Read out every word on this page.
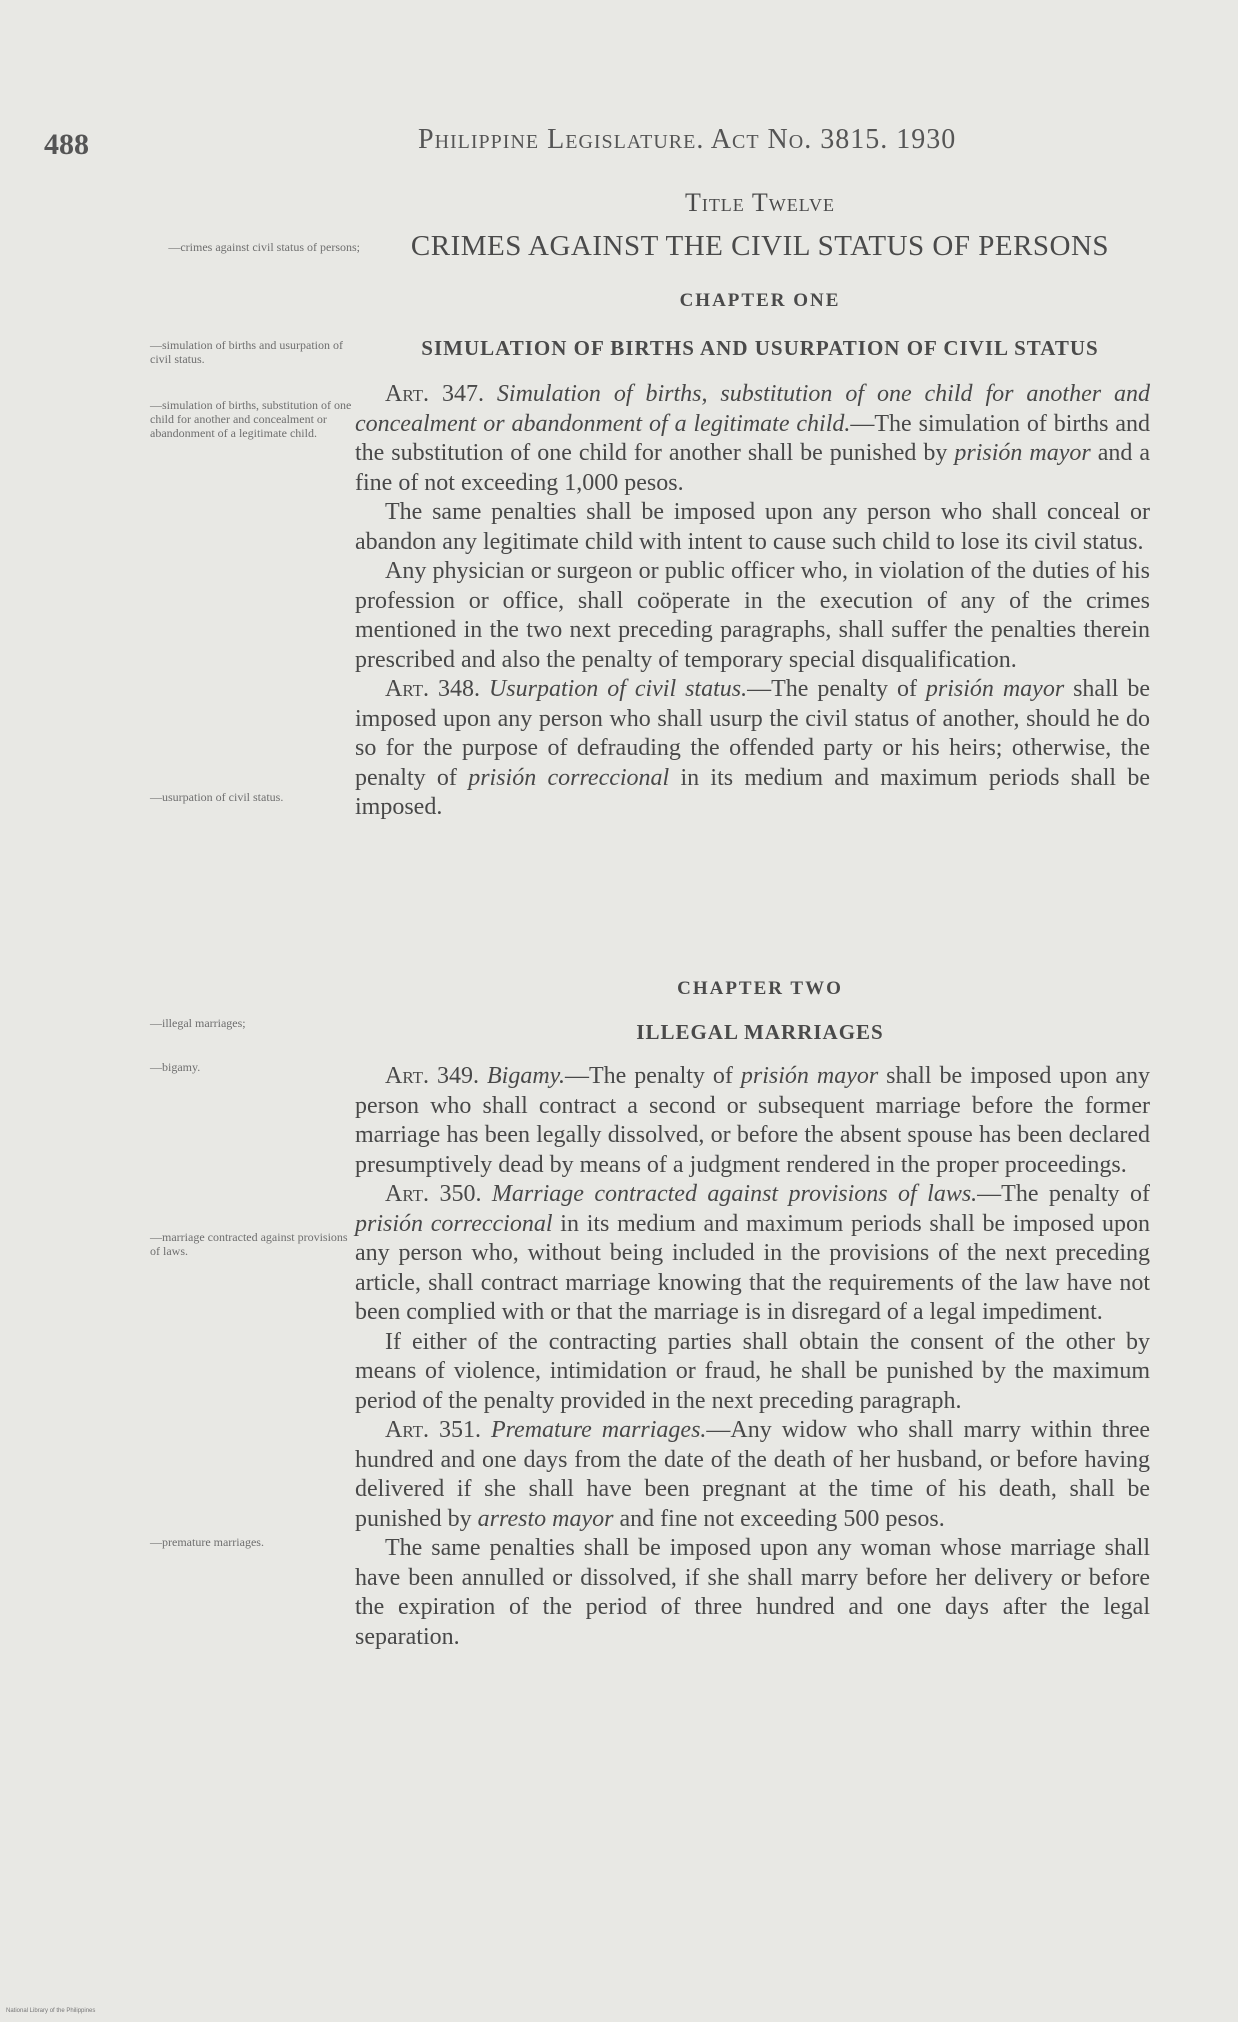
488	Philippine Legislature. Act No. 3815. 1930
Title Twelve
CRIMES AGAINST THE CIVIL STATUS OF PERSONS
CHAPTER ONE
SIMULATION OF BIRTHS AND USURPATION OF CIVIL STATUS
—crimes against civil status of persons;
—simulation of births and usurpation of civil status.
—simulation of births, substitution of one child for another and concealment or abandonment of a legitimate child.
—usurpation of civil status.
—illegal marriages;
—bigamy.
—marriage contracted against provisions of laws.
—premature marriages.

Art. 347. Simulation of births, substitution of one child for another and concealment or abandonment of a legitimate child.—The simulation of births and the substitution of one child for another shall be punished by prisión mayor and a fine of not exceeding 1,000 pesos.

The same penalties shall be imposed upon any person who shall conceal or abandon any legitimate child with intent to cause such child to lose its civil status.

Any physician or surgeon or public officer who, in violation of the duties of his profession or office, shall coöperate in the execution of any of the crimes mentioned in the two next preceding paragraphs, shall suffer the penalties therein prescribed and also the penalty of temporary special disqualification.

Art. 348. Usurpation of civil status.—The penalty of prisión mayor shall be imposed upon any person who shall usurp the civil status of another, should he do so for the purpose of defrauding the offended party or his heirs; otherwise, the penalty of prisión correccional in its medium and maximum periods shall be imposed.

CHAPTER TWO
ILLEGAL MARRIAGES

Art. 349. Bigamy.—The penalty of prisión mayor shall be imposed upon any person who shall contract a second or subsequent marriage before the former marriage has been legally dissolved, or before the absent spouse has been declared presumptively dead by means of a judgment rendered in the proper proceedings.

Art. 350. Marriage contracted against provisions of laws.—The penalty of prisión correccional in its medium and maximum periods shall be imposed upon any person who, without being included in the provisions of the next preceding article, shall contract marriage knowing that the requirements of the law have not been complied with or that the marriage is in disregard of a legal impediment.

If either of the contracting parties shall obtain the consent of the other by means of violence, intimidation or fraud, he shall be punished by the maximum period of the penalty provided in the next preceding paragraph.

Art. 351. Premature marriages.—Any widow who shall marry within three hundred and one days from the date of the death of her husband, or before having delivered if she shall have been pregnant at the time of his death, shall be punished by arresto mayor and fine not exceeding 500 pesos.

The same penalties shall be imposed upon any woman whose marriage shall have been annulled or dissolved, if she shall marry before her delivery or before the expiration of the period of three hundred and one days after the legal separation.

National Library of the Philippines
